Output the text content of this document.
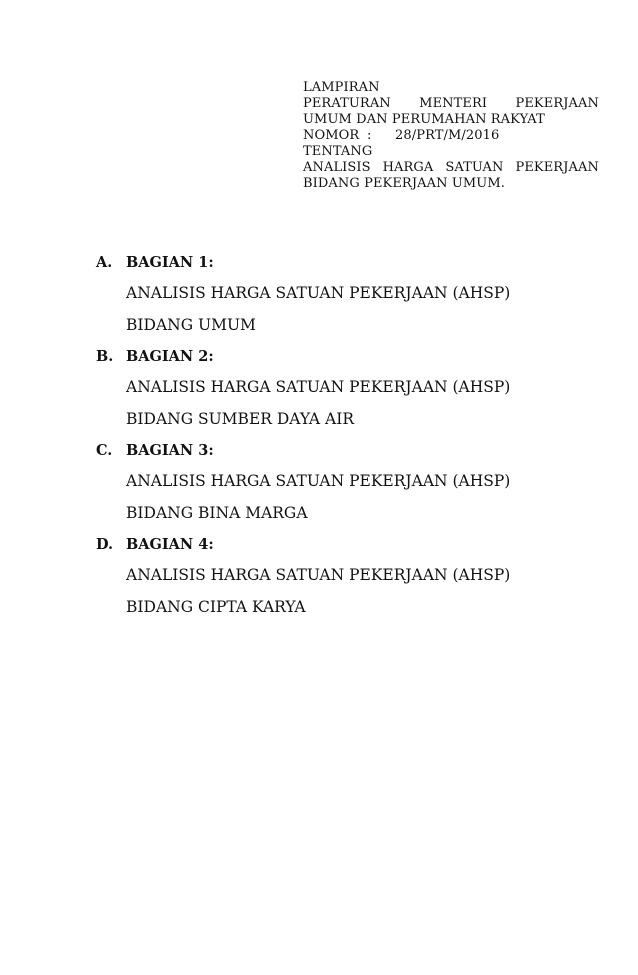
LAMPIRAN
PERATURAN MENTERI PEKERJAAN
UMUM DAN PERUMAHAN RAKYAT
NOMOR :	28/PRT/M/2016
TENTANG
ANALISIS HARGA SATUAN PEKERJAAN
BIDANG PEKERJAAN UMUM.
A. BAGIAN 1:
ANALISIS HARGA SATUAN PEKERJAAN (AHSP)
BIDANG UMUM
B. BAGIAN 2:
ANALISIS HARGA SATUAN PEKERJAAN (AHSP)
BIDANG SUMBER DAYA AIR
C. BAGIAN 3:
ANALISIS HARGA SATUAN PEKERJAAN (AHSP)
BIDANG BINA MARGA
D. BAGIAN 4:
ANALISIS HARGA SATUAN PEKERJAAN (AHSP)
BIDANG CIPTA KARYA
